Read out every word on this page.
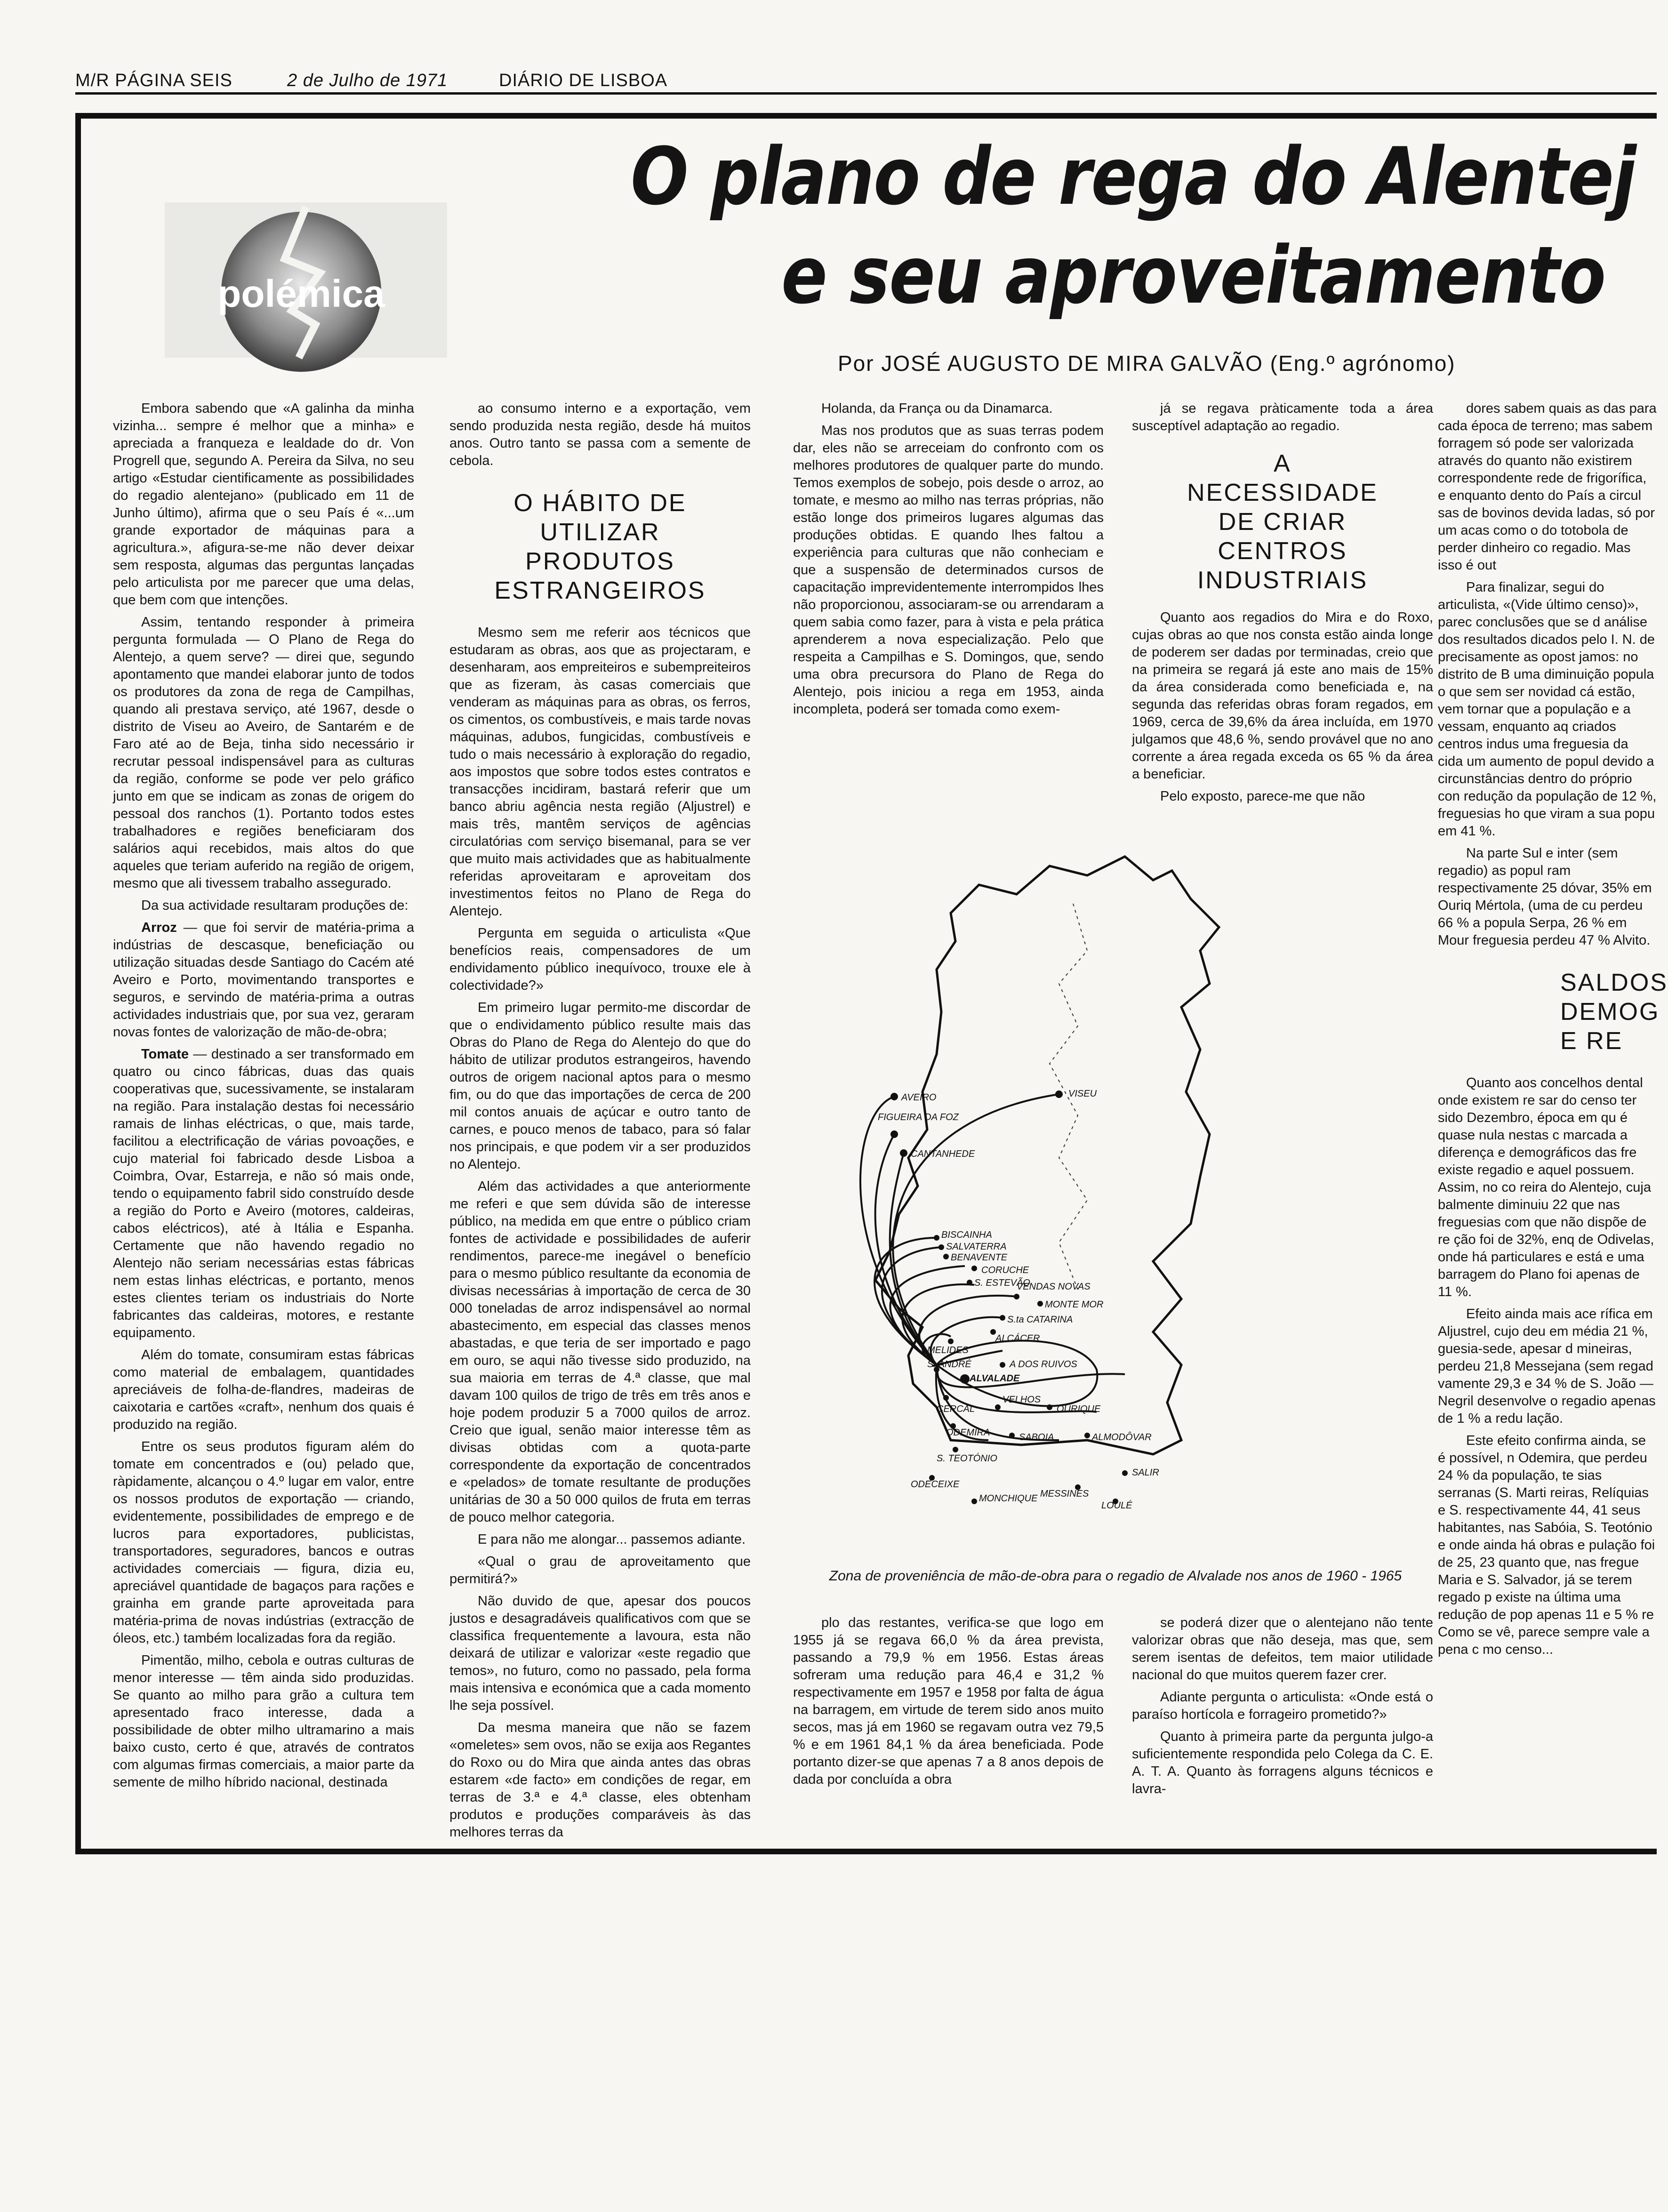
M/R PÁGINA SEIS	2 de Julho de 1971	DIÁRIO DE LISBOA
polémica
O plano de rega do Alentej
e seu aproveitamento
Por JOSÉ AUGUSTO DE MIRA GALVÃO (Eng.º agrónomo)

Embora sabendo que «A galinha da minha vizinha... sempre é melhor que a minha» e apreciada a franqueza e lealdade do dr. Von Progrell que, segundo A. Pereira da Silva, no seu artigo «Estudar cientificamente as possibilidades do regadio alentejano» (publicado em 11 de Junho último), afirma que o seu País é «...um grande exportador de máquinas para a agricultura.», afigura-se-me não dever deixar sem resposta, algumas das perguntas lançadas pelo articulista por me parecer que uma delas, que bem com que intenções.

Assim, tentando responder à primeira pergunta formulada — O Plano de Rega do Alentejo, a quem serve? — direi que, segundo apontamento que mandei elaborar junto de todos os produtores da zona de rega de Campilhas, quando ali prestava serviço, até 1967, desde o distrito de Viseu ao Aveiro, de Santarém e de Faro até ao de Beja, tinha sido necessário ir recrutar pessoal indispensável para as culturas da região, conforme se pode ver pelo gráfico junto em que se indicam as zonas de origem do pessoal dos ranchos (1). Portanto todos estes trabalhadores e regiões beneficiaram dos salários aqui recebidos, mais altos do que aqueles que teriam auferido na região de origem, mesmo que ali tivessem trabalho assegurado.

Da sua actividade resultaram produções de:

Arroz — que foi servir de matéria-prima a indústrias de descasque, beneficiação ou utilização situadas desde Santiago do Cacém até Aveiro e Porto, movimentando transportes e seguros, e servindo de matéria-prima a outras actividades industriais que, por sua vez, geraram novas fontes de valorização de mão-de-obra;

Tomate — destinado a ser transformado em quatro ou cinco fábricas, duas das quais cooperativas que, sucessivamente, se instalaram na região. Para instalação destas foi necessário ramais de linhas eléctricas, o que, mais tarde, facilitou a electrificação de várias povoações, e cujo material foi fabricado desde Lisboa a Coimbra, Ovar, Estarreja, e não só mais onde, tendo o equipamento fabril sido construído desde a região do Porto e Aveiro (motores, caldeiras, cabos eléctricos), até à Itália e Espanha. Certamente que não havendo regadio no Alentejo não seriam necessárias estas fábricas nem estas linhas eléctricas, e portanto, menos estes clientes teriam os industriais do Norte fabricantes das caldeiras, motores, e restante equipamento.

Além do tomate, consumiram estas fábricas como material de embalagem, quantidades apreciáveis de folha-de-flandres, madeiras de caixotaria e cartões «craft», nenhum dos quais é produzido na região.

Entre os seus produtos figuram além do tomate em concentrados e (ou) pelado que, ràpidamente, alcançou o 4.º lugar em valor, entre os nossos produtos de exportação — criando, evidentemente, possibilidades de emprego e de lucros para exportadores, publicistas, transportadores, seguradores, bancos e outras actividades comerciais — figura, dizia eu, apreciável quantidade de bagaços para rações e grainha em grande parte aproveitada para matéria-prima de novas indústrias (extracção de óleos, etc.) também localizadas fora da região.

Pimentão, milho, cebola e outras culturas de menor interesse — têm ainda sido produzidas. Se quanto ao milho para grão a cultura tem apresentado fraco interesse, dada a possibilidade de obter milho ultramarino a mais baixo custo, certo é que, através de contratos com algumas firmas comerciais, a maior parte da semente de milho híbrido nacional, destinada

ao consumo interno e a exportação, vem sendo produzida nesta região, desde há muitos anos. Outro tanto se passa com a semente de cebola.

O HÁBITO DE UTILIZAR PRODUTOS ESTRANGEIROS

Mesmo sem me referir aos técnicos que estudaram as obras, aos que as projectaram, e desenharam, aos empreiteiros e subempreiteiros que as fizeram, às casas comerciais que venderam as máquinas para as obras, os ferros, os cimentos, os combustíveis, e mais tarde novas máquinas, adubos, fungicidas, combustíveis e tudo o mais necessário à exploração do regadio, aos impostos que sobre todos estes contratos e transacções incidiram, bastará referir que um banco abriu agência nesta região (Aljustrel) e mais três, mantêm serviços de agências circulatórias com serviço bisemanal, para se ver que muito mais actividades que as habitualmente referidas aproveitaram e aproveitam dos investimentos feitos no Plano de Rega do Alentejo.

Pergunta em seguida o articulista «Que benefícios reais, compensadores de um endividamento público inequívoco, trouxe ele à colectividade?»

Em primeiro lugar permito-me discordar de que o endividamento público resulte mais das Obras do Plano de Rega do Alentejo do que do hábito de utilizar produtos estrangeiros, havendo outros de origem nacional aptos para o mesmo fim, ou do que das importações de cerca de 200 mil contos anuais de açúcar e outro tanto de carnes, e pouco menos de tabaco, para só falar nos principais, e que podem vir a ser produzidos no Alentejo.

Além das actividades a que anteriormente me referi e que sem dúvida são de interesse público, na medida em que entre o público criam fontes de actividade e possibilidades de auferir rendimentos, parece-me inegável o benefício para o mesmo público resultante da economia de divisas necessárias à importação de cerca de 30 000 toneladas de arroz indispensável ao normal abastecimento, em especial das classes menos abastadas, e que teria de ser importado e pago em ouro, se aqui não tivesse sido produzido, na sua maioria em terras de 4.ª classe, que mal davam 100 quilos de trigo de três em três anos e hoje podem produzir 5 a 7000 quilos de arroz. Creio que igual, senão maior interesse têm as divisas obtidas com a quota-parte correspondente da exportação de concentrados e «pelados» de tomate resultante de produções unitárias de 30 a 50 000 quilos de fruta em terras de pouco melhor categoria.

E para não me alongar... passemos adiante.

«Qual o grau de aproveitamento que permitirá?»

Não duvido de que, apesar dos poucos justos e desagradáveis qualificativos com que se classifica frequentemente a lavoura, esta não deixará de utilizar e valorizar «este regadio que temos», no futuro, como no passado, pela forma mais intensiva e económica que a cada momento lhe seja possível.

Da mesma maneira que não se fazem «omeletes» sem ovos, não se exija aos Regantes do Roxo ou do Mira que ainda antes das obras estarem «de facto» em condições de regar, em terras de 3.ª e 4.ª classe, eles obtenham produtos e produções comparáveis às das melhores terras da

Holanda, da França ou da Dinamarca.

Mas nos produtos que as suas terras podem dar, eles não se arreceiam do confronto com os melhores produtores de qualquer parte do mundo. Temos exemplos de sobejo, pois desde o arroz, ao tomate, e mesmo ao milho nas terras próprias, não estão longe dos primeiros lugares algumas das produções obtidas. E quando lhes faltou a experiência para culturas que não conheciam e que a suspensão de determinados cursos de capacitação imprevidentemente interrompidos lhes não proporcionou, associaram-se ou arrendaram a quem sabia como fazer, para à vista e pela prática aprenderem a nova especialização. Pelo que respeita a Campilhas e S. Domingos, que, sendo uma obra precursora do Plano de Rega do Alentejo, pois iniciou a rega em 1953, ainda incompleta, poderá ser tomada como exem-

já se regava pràticamente toda a área susceptível adaptação ao regadio.

A NECESSIDADE DE CRIAR CENTROS INDUSTRIAIS

Quanto aos regadios do Mira e do Roxo, cujas obras ao que nos consta estão ainda longe de poderem ser dadas por terminadas, creio que na primeira se regará já este ano mais de 15% da área considerada como beneficiada e, na segunda das referidas obras foram regados, em 1969, cerca de 39,6% da área incluída, em 1970 julgamos que 48,6 %, sendo provável que no ano corrente a área regada exceda os 65 % da área a beneficiar.

Pelo exposto, parece-me que não

dores sabem quais as das para cada época de terreno; mas sabem forragem só pode ser valorizada através do quanto não existirem correspondente rede de frigorífica, e enquanto dento do País a circul sas de bovinos devida ladas, só por um acas como o do totobola de perder dinheiro co regadio. Mas isso é out

Para finalizar, segui do articulista, «(Vide último censo)», parec conclusões que se d análise dos resultados dicados pelo I. N. de precisamente as opost jamos: no distrito de B uma diminuição popula o que sem ser novidad cá estão, vem tornar que a população e a vessam, enquanto aq criados centros indus uma freguesia da cida um aumento de popul devido a circunstâncias dentro do próprio con redução da população de 12 %, freguesias ho que viram a sua popu em 41 %.

Na parte Sul e inter (sem regadio) as popul ram respectivamente 25 dóvar, 35% em Ouriq Mértola, (uma de cu perdeu 66 % a popula Serpa, 26 % em Mour freguesia perdeu 47 % Alvito.

SALDOS DEMOG E RE

Quanto aos concelhos dental onde existem re sar do censo ter sido Dezembro, época em qu é quase nula nestas c marcada a diferença e demográficos das fre existe regadio e aquel possuem. Assim, no co reira do Alentejo, cuja balmente diminuiu 22 que nas freguesias com que não dispõe de re ção foi de 32%, enq de Odivelas, onde há particulares e está e uma barragem do Plano foi apenas de 11 %.

Efeito ainda mais ace rífica em Aljustrel, cujo deu em média 21 %, guesia-sede, apesar d mineiras, perdeu 21,8 Messejana (sem regad vamente 29,3 e 34 % de S. João — Negril desenvolve o regadio apenas de 1 % a redu lação.

Este efeito confirma ainda, se é possível, n Odemira, que perdeu 24 % da população, te sias serranas (S. Marti reiras, Relíquias e S. respectivamente 44, 41 seus habitantes, nas Sabóia, S. Teotónio e onde ainda há obras e pulação foi de 25, 23 quanto que, nas fregue Maria e S. Salvador, já se terem regado p existe na última uma redução de pop apenas 11 e 5 % re Como se vê, parece sempre vale a pena c mo censo...

AVEIRO	VISEU
FIGUEIRA DA FOZ
CANTANHEDE
BISCAINHA
SALVATERRA
BENAVENTE
CORUCHE
S. ESTEVÃO
VENDAS NOVAS
MONTE MOR
S.ta CATARINA
ALCÁCER
MELIDES
S. ANDRÉ
ALVALADE
A DOS RUIVOS
CERCAL
S. TEOTÓNIO
ODEMIRA
OURIQUE
SABOIA	ALMODÔVAR
MESSINES
SALIR
LOULÉ
MONCHIQUE
ODECEIXE
VELHOS
Zona de proveniência de mão-de-obra para o regadio de Alvalade nos anos de 1960 - 1965

plo das restantes, verifica-se que logo em 1955 já se regava 66,0 % da área prevista, passando a 79,9 % em 1956. Estas áreas sofreram uma redução para 46,4 e 31,2 % respectivamente em 1957 e 1958 por falta de água na barragem, em virtude de terem sido anos muito secos, mas já em 1960 se regavam outra vez 79,5 % e em 1961 84,1 % da área beneficiada. Pode portanto dizer-se que apenas 7 a 8 anos depois de dada por concluída a obra

se poderá dizer que o alentejano não tente valorizar obras que não deseja, mas que, sem serem isentas de defeitos, tem maior utilidade nacional do que muitos querem fazer crer.

Adiante pergunta o articulista: «Onde está o paraíso hortícola e forrageiro prometido?»

Quanto à primeira parte da pergunta julgo-a suficientemente respondida pelo Colega da C. E. A. T. A. Quanto às forragens alguns técnicos e lavra-
